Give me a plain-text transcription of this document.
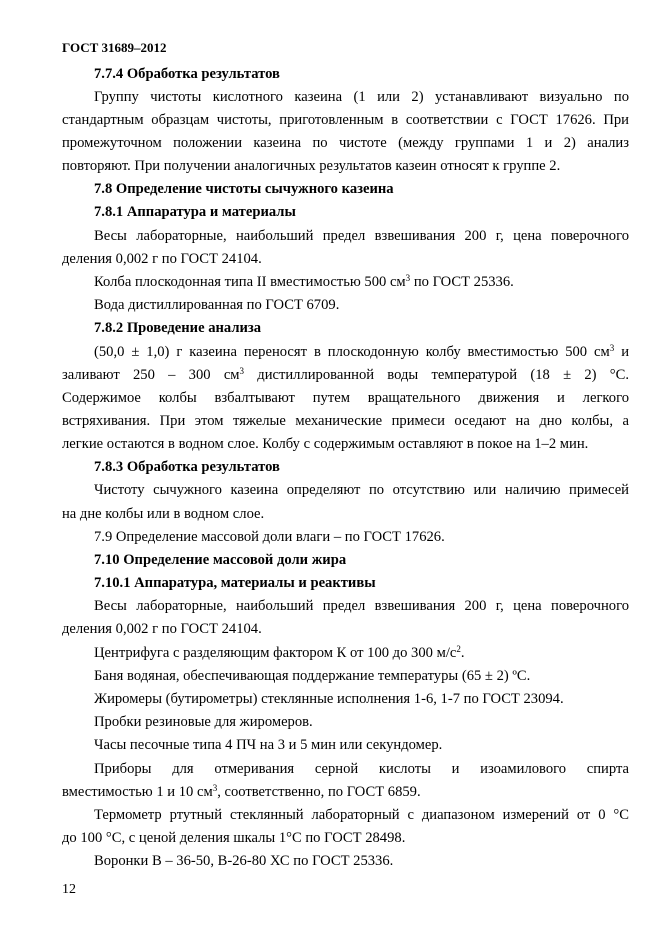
ГОСТ 31689–2012
7.7.4 Обработка результатов
Группу чистоты кислотного казеина (1 или 2) устанавливают визуально по
стандартным образцам чистоты, приготовленным в соответствии с ГОСТ 17626. При
промежуточном положении казеина по чистоте (между группами 1 и 2) анализ
повторяют. При получении аналогичных результатов казеин относят к группе 2.
7.8 Определение чистоты сычужного казеина
7.8.1 Аппаратура и материалы
Весы лабораторные, наибольший предел взвешивания 200 г, цена поверочного
деления 0,002 г по ГОСТ 24104.
Колба плоскодонная типа II вместимостью 500 $см^3$ по ГОСТ 25336.
Вода дистиллированная по ГОСТ 6709.
7.8.2 Проведение анализа
(50,0 ± 1,0) г казеина переносят в плоскодонную колбу вместимостью 500 $см^3$ и
заливают 250 – 300 $см^3$ дистиллированной воды температурой (18 ± 2) °С.
Содержимое колбы взбалтывают путем вращательного движения и легкого
встряхивания. При этом тяжелые механические примеси оседают на дно колбы, а
легкие остаются в водном слое. Колбу с содержимым оставляют в покое на 1–2 мин.
7.8.3 Обработка результатов
Чистоту сычужного казеина определяют по отсутствию или наличию примесей
на дне колбы или в водном слое.
7.9 Определение массовой доли влаги – по ГОСТ 17626.
7.10 Определение массовой доли жира
7.10.1 Аппаратура, материалы и реактивы
Весы лабораторные, наибольший предел взвешивания 200 г, цена поверочного
деления 0,002 г по ГОСТ 24104.
Центрифуга с разделяющим фактором К от 100 до 300 $м/с^2$.
Баня водяная, обеспечивающая поддержание температуры (65 ± 2) ºС.
Жиромеры (бутирометры) стеклянные исполнения 1-6, 1-7 по ГОСТ 23094.
Пробки резиновые для жиромеров.
Часы песочные типа 4 ПЧ на 3 и 5 мин или секундомер.
Приборы для отмеривания серной кислоты и изоамилового спирта
вместимостью 1 и 10 $см^3$, соответственно, по ГОСТ 6859.
Термометр ртутный стеклянный лабораторный с диапазоном измерений от 0 °С
до 100 °С, с ценой деления шкалы 1°С по ГОСТ 28498.
Воронки В – 36-50, В-26-80 ХС по ГОСТ 25336.
12
